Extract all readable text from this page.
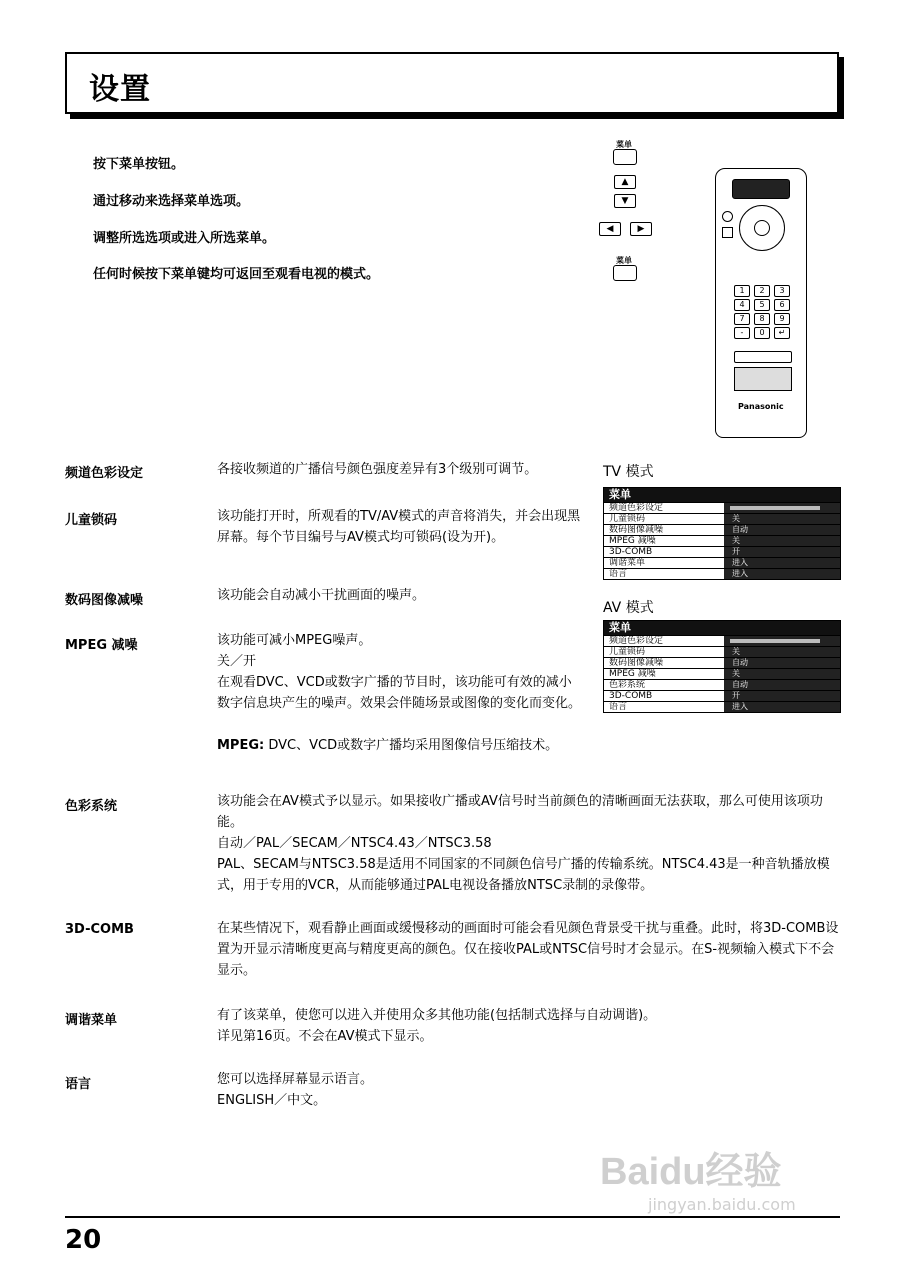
设置
按下菜单按钮。
通过移动来选择菜单选项。
调整所选选项或进入所选菜单。
任何时候按下菜单键均可返回至观看电视的模式。
菜单
▲
▼
◀	▶
菜单
1	2	3
4	5	6
7	8	9
-	0	↵
Panasonic
频道色彩设定	各接收频道的广播信号颜色强度差异有3个级别可调节。
儿童锁码	该功能打开时，所观看的TV/AV模式的声音将消失，并会出现黑屏幕。每个节目编号与AV模式均可锁码(设为开)。
数码图像减噪	该功能会自动减小干扰画面的噪声。
MPEG 减噪	该功能可减小MPEG噪声。
关／开
在观看DVC、VCD或数字广播的节目时，该功能可有效的减小数字信息块产生的噪声。效果会伴随场景或图像的变化而变化。
MPEG: DVC、VCD或数字广播均采用图像信号压缩技术。
色彩系统	该功能会在AV模式予以显示。如果接收广播或AV信号时当前颜色的清晰画面无法获取，那么可使用该项功能。
自动／PAL／SECAM／NTSC4.43／NTSC3.58
PAL、SECAM与NTSC3.58是适用不同国家的不同颜色信号广播的传输系统。NTSC4.43是一种音轨播放模式，用于专用的VCR，从而能够通过PAL电视设备播放NTSC录制的录像带。
3D-COMB	在某些情况下，观看静止画面或缓慢移动的画面时可能会看见颜色背景受干扰与重叠。此时，将3D-COMB设置为开显示清晰度更高与精度更高的颜色。仅在接收PAL或NTSC信号时才会显示。在S-视频输入模式下不会显示。
调谐菜单	有了该菜单，使您可以进入并使用众多其他功能(包括制式选择与自动调谐)。
详见第16页。不会在AV模式下显示。
语言	您可以选择屏幕显示语言。
ENGLISH／中文。
TV 模式
菜单
频道色彩设定
儿童锁码	关
数码图像减噪	自动
MPEG 减噪	关
3D-COMB	开
调谐菜单	进入
语言	进入
AV 模式
菜单
频道色彩设定
儿童锁码	关
数码图像减噪	自动
MPEG 减噪	关
色彩系统	自动
3D-COMB	开
语言	进入
20
Baidu经验
jingyan.baidu.com
